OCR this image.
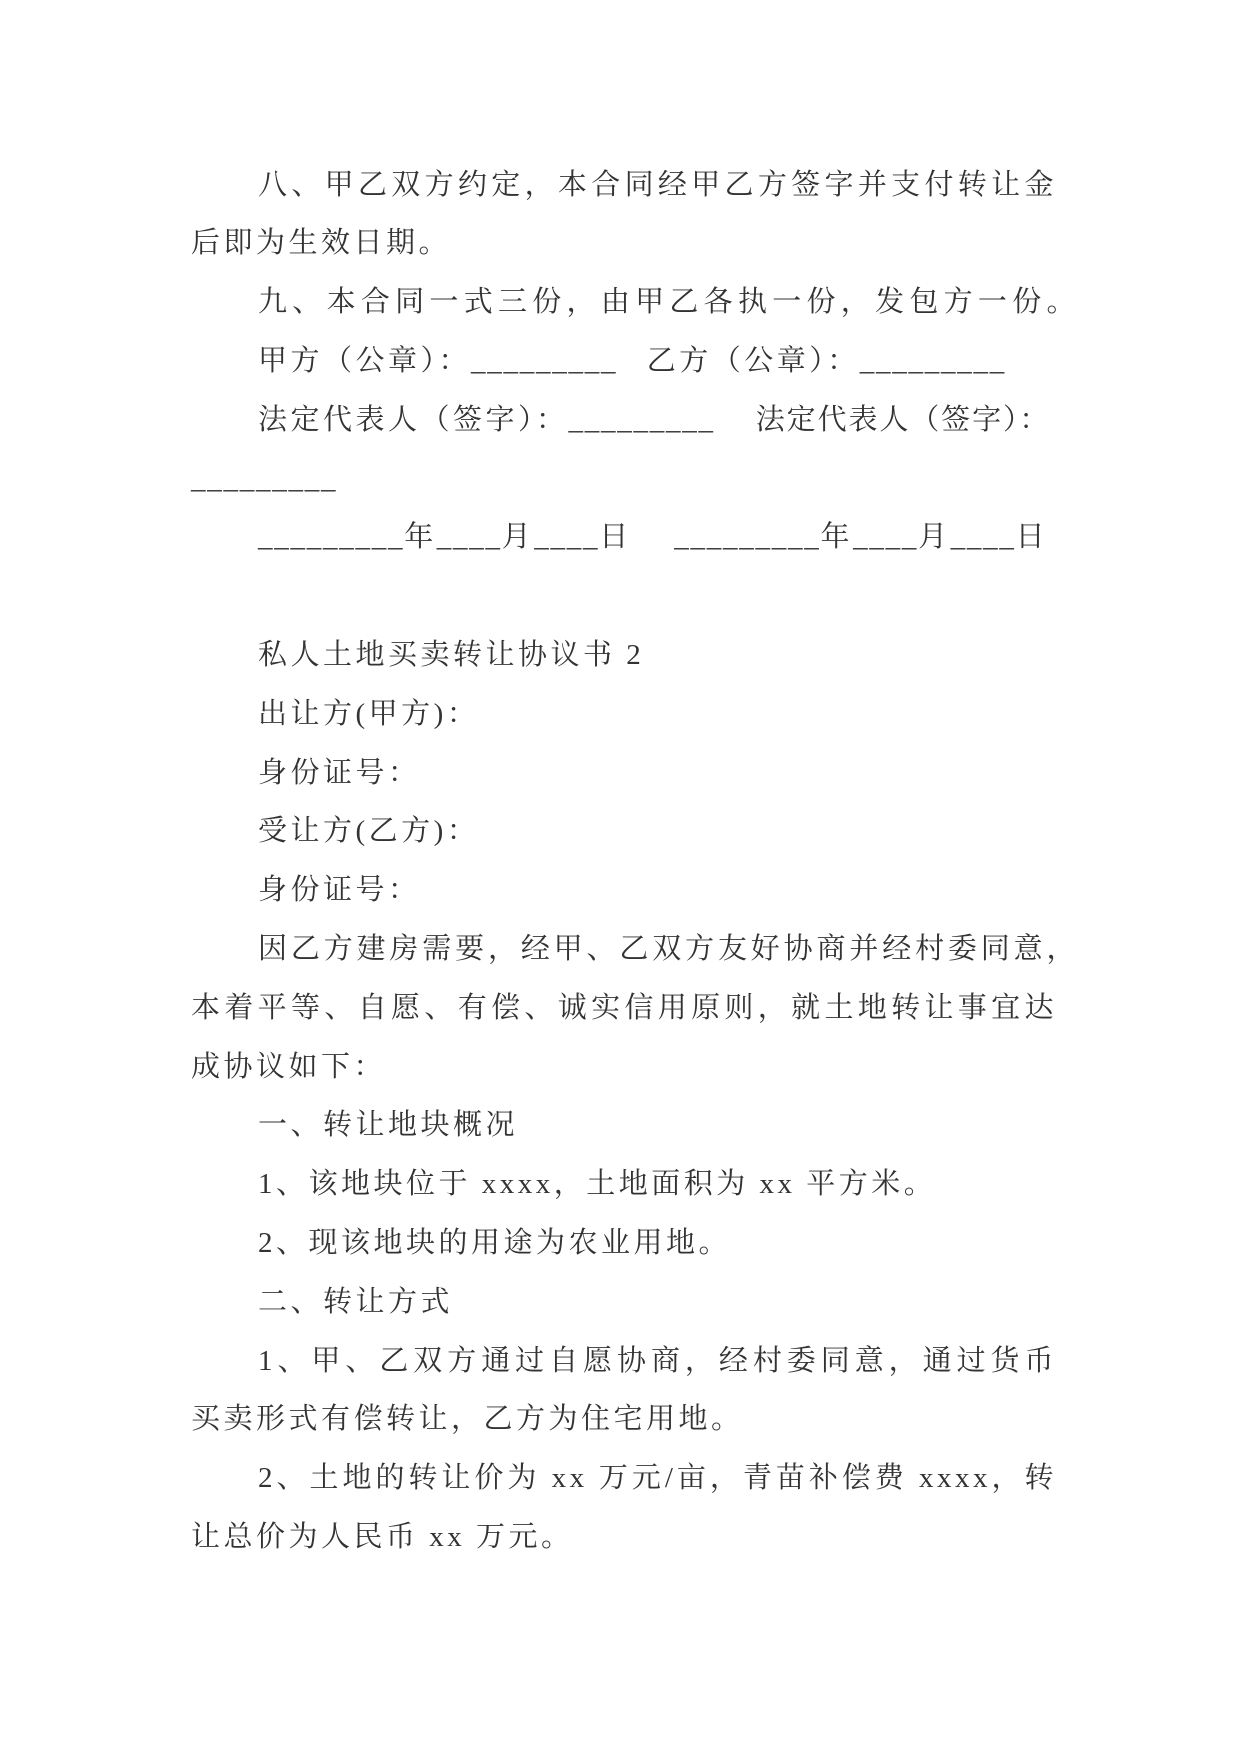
八、甲乙双方约定，本合同经甲乙方签字并支付转让金
后即为生效日期。
九、本合同一式三份，由甲乙各执一份，发包方一份。
甲方（公章）：_________ 乙方（公章）：_________
法定代表人（签字）：_________ 法定代表人（签字）：
_________
_________年____月____日 _________年____月____日
私人土地买卖转让协议书 2
出让方(甲方)：
身份证号：
受让方(乙方)：
身份证号：
因乙方建房需要，经甲、乙双方友好协商并经村委同意，
本着平等、自愿、有偿、诚实信用原则，就土地转让事宜达
成协议如下：
一、转让地块概况
1、该地块位于 xxxx，土地面积为 xx 平方米。
2、现该地块的用途为农业用地。
二、转让方式
1、甲、乙双方通过自愿协商，经村委同意，通过货币
买卖形式有偿转让，乙方为住宅用地。
2、土地的转让价为 xx 万元/亩，青苗补偿费 xxxx，转
让总价为人民币 xx 万元。
